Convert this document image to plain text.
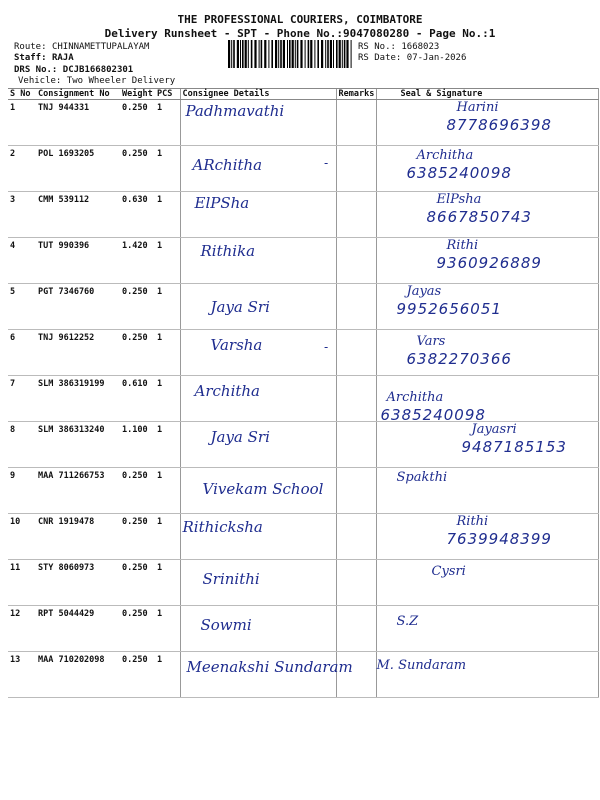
THE PROFESSIONAL COURIERS, COIMBATORE
Delivery Runsheet - SPT - Phone No.:9047080280 - Page No.:1
Route: CHINNAMETTUPALAYAM
Staff: RAJA
DRS No.: DCJB166802301
Vehicle: Two Wheeler Delivery
RS No.: 1668023
RS Date: 07-Jan-2026
S No	Consignment No	Weight	PCS	Consignee Details	Remarks	Seal & Signature
1	TNJ 944331	0.250	1	Padhmavathi		Harini
8778696398

2	POL 1693205	0.250	1	ARchitha	-	Architha
6385240098

3	CMM 539112	0.630	1	ElPSha		ElPsha
8667850743

4	TUT 990396	1.420	1	Rithika		Rithi
9360926889

5	PGT 7346760	0.250	1	Jaya Sri		Jayas
9952656051

6	TNJ 9612252	0.250	1	Varsha	-	Vars
6382270366

7	SLM 386319199	0.610	1	Architha		Architha
6385240098

8	SLM 386313240	1.100	1	Jaya Sri		Jayasri
9487185153

9	MAA 711266753	0.250	1	Vivekam School		Spakthi

10	CNR 1919478	0.250	1	Rithicksha		Rithi
7639948399

11	STY 8060973	0.250	1	Srinithi		Cysri

12	RPT 5044429	0.250	1	Sowmi		S.Z

13	MAA 710202098	0.250	1	Meenakshi Sundaram		M. Sundaram
